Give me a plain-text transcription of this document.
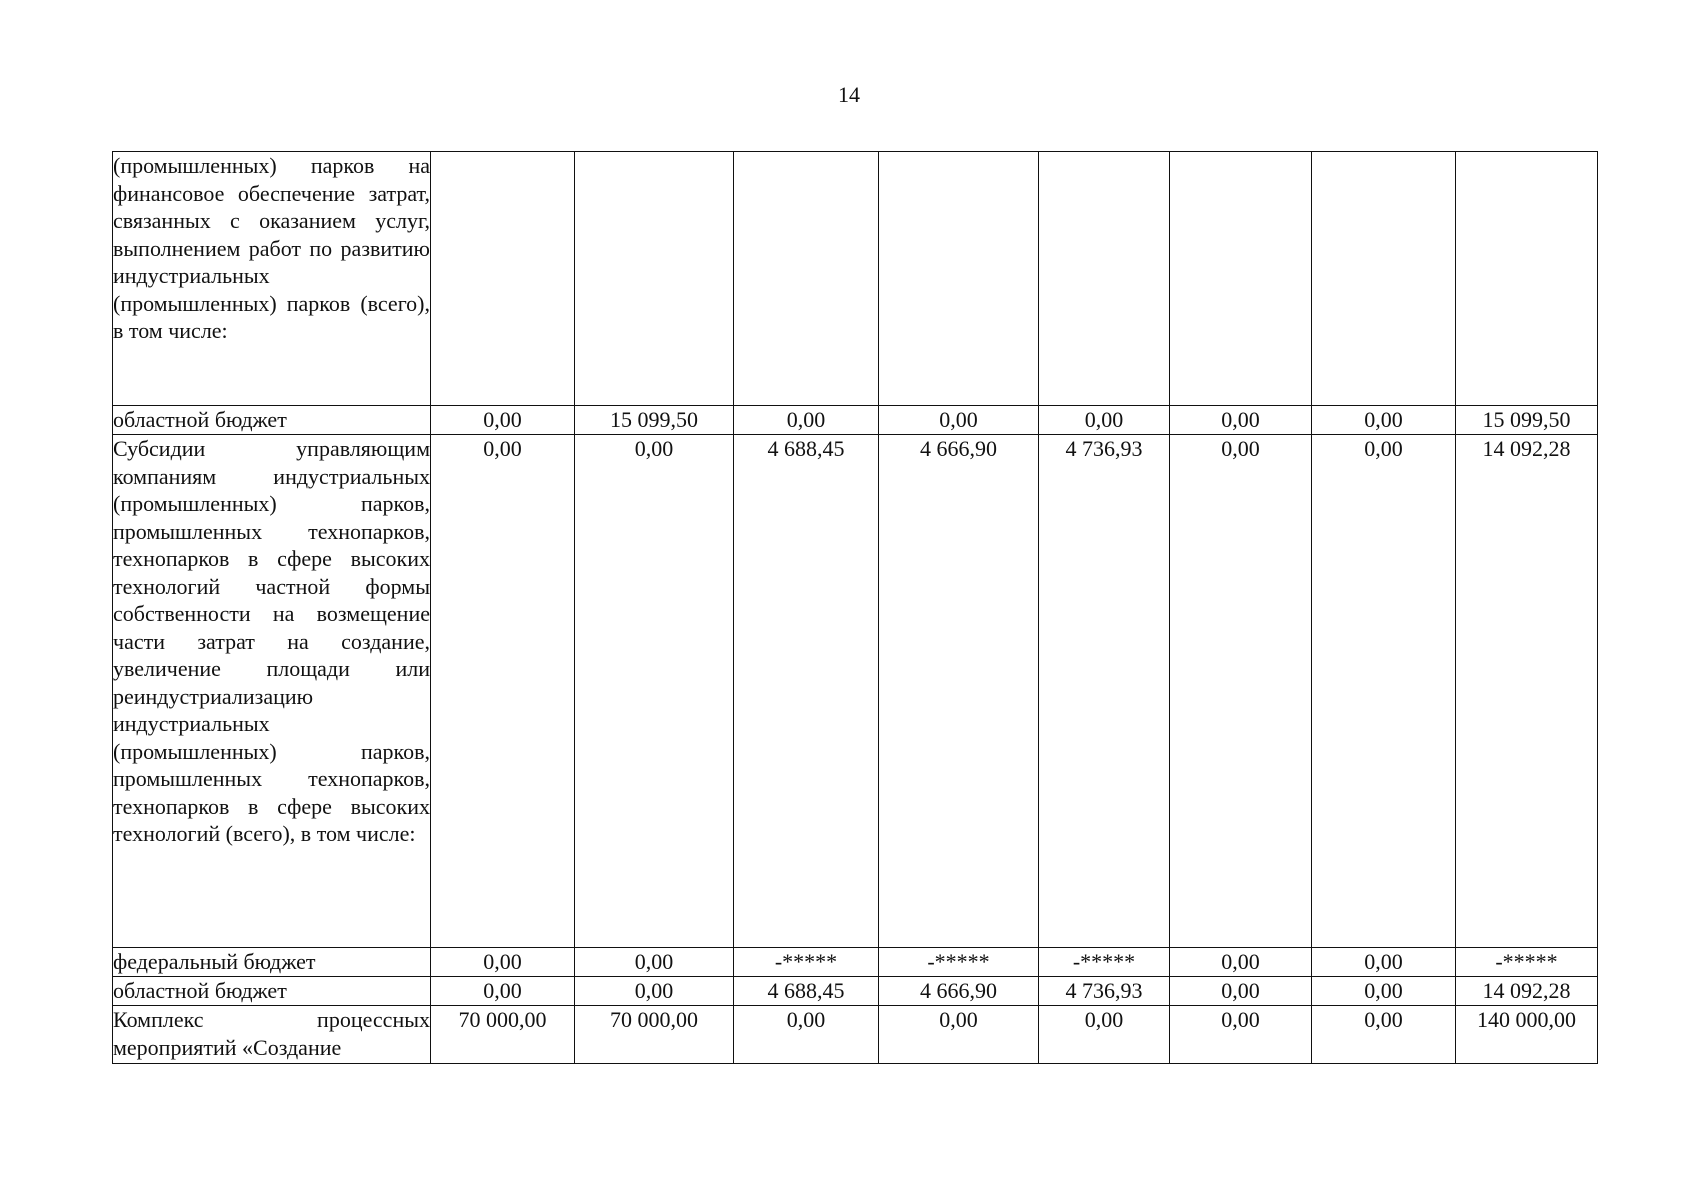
14
(промышленных) парков на финансовое обеспечение затрат, связанных с оказанием услуг, выполнением работ по развитию индустриальных (промышленных) парков (всего), в том числе:								

областной бюджет	0,00	15 099,50	0,00	0,00	0,00	0,00	0,00	15 099,50

Субсидии управляющим компаниям индустриальных (промышленных) парков, промышленных технопарков, технопарков в сфере высоких технологий частной формы собственности на возмещение части затрат на создание, увеличение площади или реиндустриализацию индустриальных (промышленных) парков, промышленных технопарков, технопарков в сфере высоких технологий (всего), в том числе:	0,00	0,00	4 688,45	4 666,90	4 736,93	0,00	0,00	14 092,28

федеральный бюджет	0,00	0,00	-*****	-*****	-*****	0,00	0,00	-*****

областной бюджет	0,00	0,00	4 688,45	4 666,90	4 736,93	0,00	0,00	14 092,28

Комплекс процессных мероприятий «Создание	70 000,00	70 000,00	0,00	0,00	0,00	0,00	0,00	140 000,00
